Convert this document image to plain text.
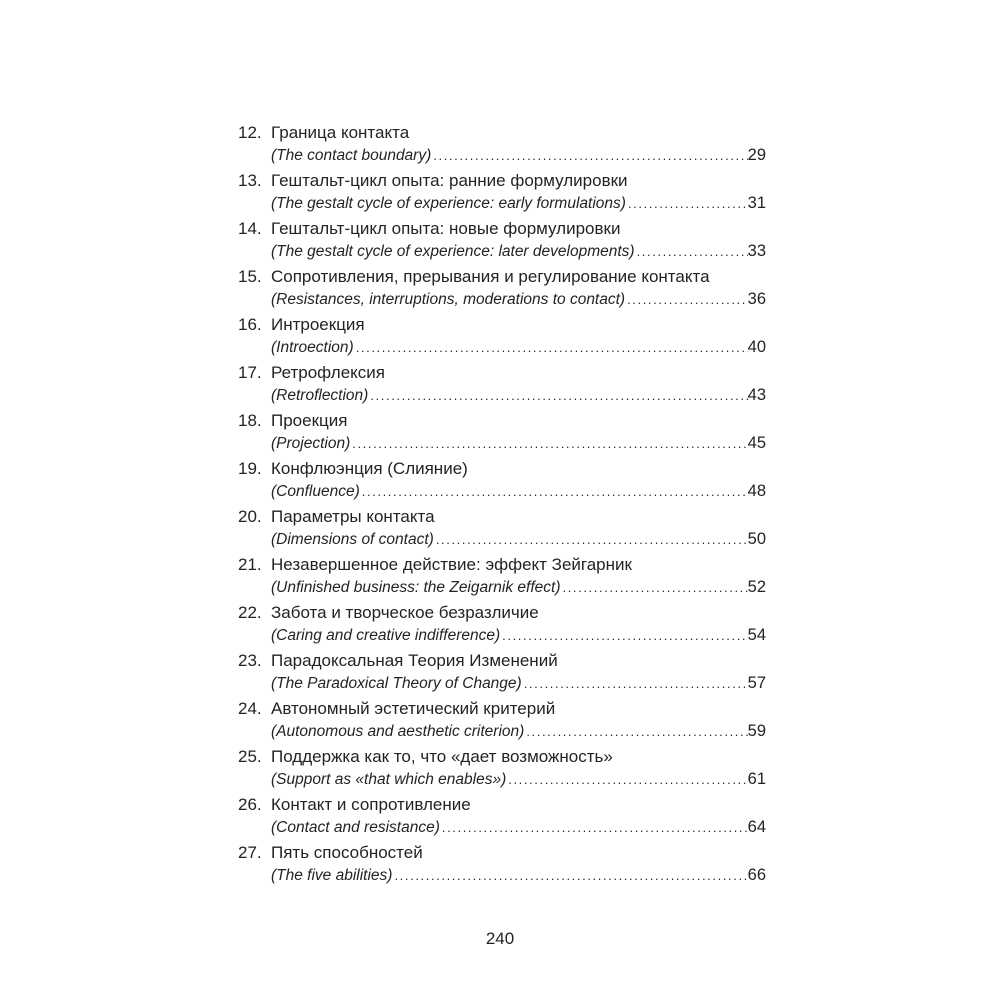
12. Граница контакта
(The contact boundary) .....	29
13. Гештальт-цикл опыта: ранние формулировки
(The gestalt cycle of experience: early formulations) .....	31
14. Гештальт-цикл опыта: новые формулировки
(The gestalt cycle of experience: later developments) .....	33
15. Сопротивления, прерывания и регулирование контакта
(Resistances, interruptions, moderations to contact) .....	36
16. Интроекция
(Introection) .....	40
17. Ретрофлексия
(Retroflection) .....	43
18. Проекция
(Projection) .....	45
19. Конфлюэнция (Слияние)
(Confluence) .....	48
20. Параметры контакта
(Dimensions of contact) .....	50
21. Незавершенное действие: эффект Зейгарник
(Unfinished business: the Zeigarnik effect) .....	52
22. Забота и творческое безразличие
(Caring and creative indifference) .....	54
23. Парадоксальная Теория Изменений
(The Paradoxical Theory of Change) .....	57
24. Автономный эстетический критерий
(Autonomous and aesthetic criterion) .....	59
25. Поддержка как то, что «дает возможность»
(Support as «that which enables») .....	61
26. Контакт и сопротивление
(Contact and resistance) .....	64
27. Пять способностей
(The five abilities) .....	66
240
